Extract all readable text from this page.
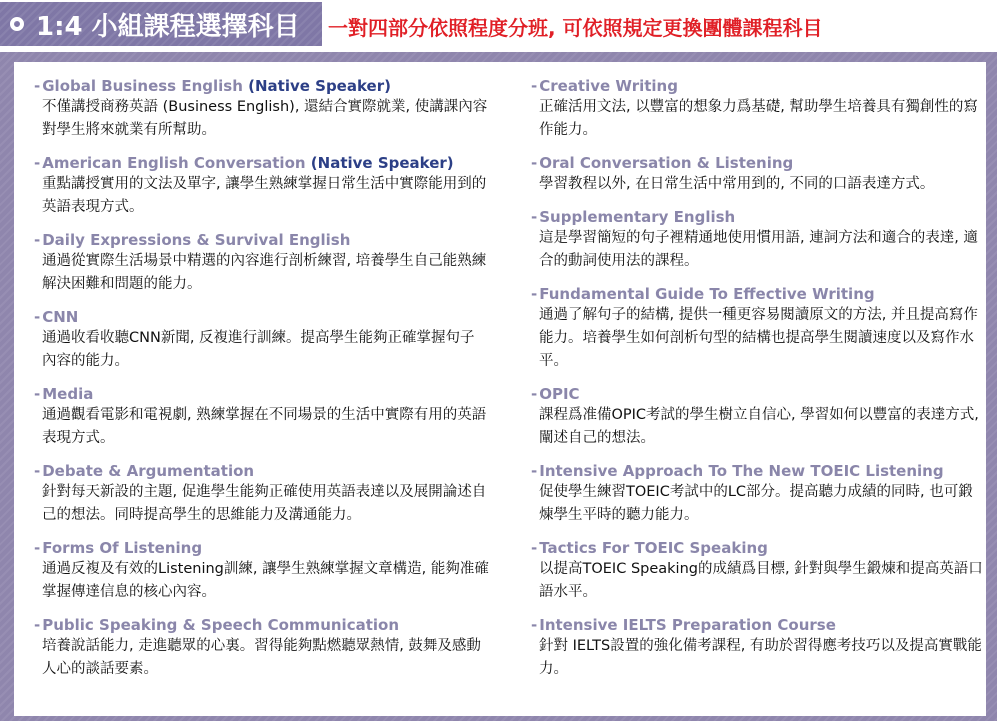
1:4 小組課程選擇科目 一對四部分依照程度分班, 可依照規定更換團體課程科目
- Global Business English (Native Speaker)
不僅講授商務英語 (Business English), 還結合實際就業, 使講課內容對學生將來就業有所幫助。
- American English Conversation (Native Speaker)
重點講授實用的文法及單字, 讓學生熟練掌握日常生活中實際能用到的英語表現方式。
- Daily Expressions & Survival English
通過從實際生活場景中精選的內容進行剖析練習, 培養學生自己能熟練解決困難和問題的能力。
- CNN
通過收看收聽CNN新聞, 反複進行訓練。提高學生能夠正確掌握句子內容的能力。
- Media
通過觀看電影和電視劇, 熟練掌握在不同場景的生活中實際有用的英語表現方式。
- Debate & Argumentation
針對每天新設的主題, 促進學生能夠正確使用英語表達以及展開論述自己的想法。同時提高學生的思維能力及溝通能力。
- Forms Of Listening
通過反複及有效的Listening訓練, 讓學生熟練掌握文章構造, 能夠准確掌握傳達信息的核心內容。
- Public Speaking & Speech Communication
培養說話能力, 走進聽眾的心裏。習得能夠點燃聽眾熱情, 鼓舞及感動人心的談話要素。
- Creative Writing
正確活用文法, 以豐富的想象力爲基礎, 幫助學生培養具有獨創性的寫作能力。
- Oral Conversation & Listening
學習教程以外, 在日常生活中常用到的, 不同的口語表達方式。
- Supplementary English
這是學習簡短的句子裡精通地使用慣用語, 連詞方法和適合的表達, 適合的動詞使用法的課程。
- Fundamental Guide To Effective Writing
通過了解句子的結構, 提供一種更容易閱讀原文的方法, 并且提高寫作能力。培養學生如何剖析句型的結構也提高學生閱讀速度以及寫作水平。
- OPIC
課程爲准備OPIC考試的學生樹立自信心, 學習如何以豐富的表達方式,闡述自己的想法。
- Intensive Approach To The New TOEIC Listening
促使學生練習TOEIC考試中的LC部分。提高聽力成績的同時, 也可鍛煉學生平時的聽力能力。
- Tactics For TOEIC Speaking
以提高TOEIC Speaking的成績爲目標, 針對與學生鍛煉和提高英語口語水平。
- Intensive IELTS Preparation Course
針對 IELTS設置的強化備考課程, 有助於習得應考技巧以及提高實戰能力。
